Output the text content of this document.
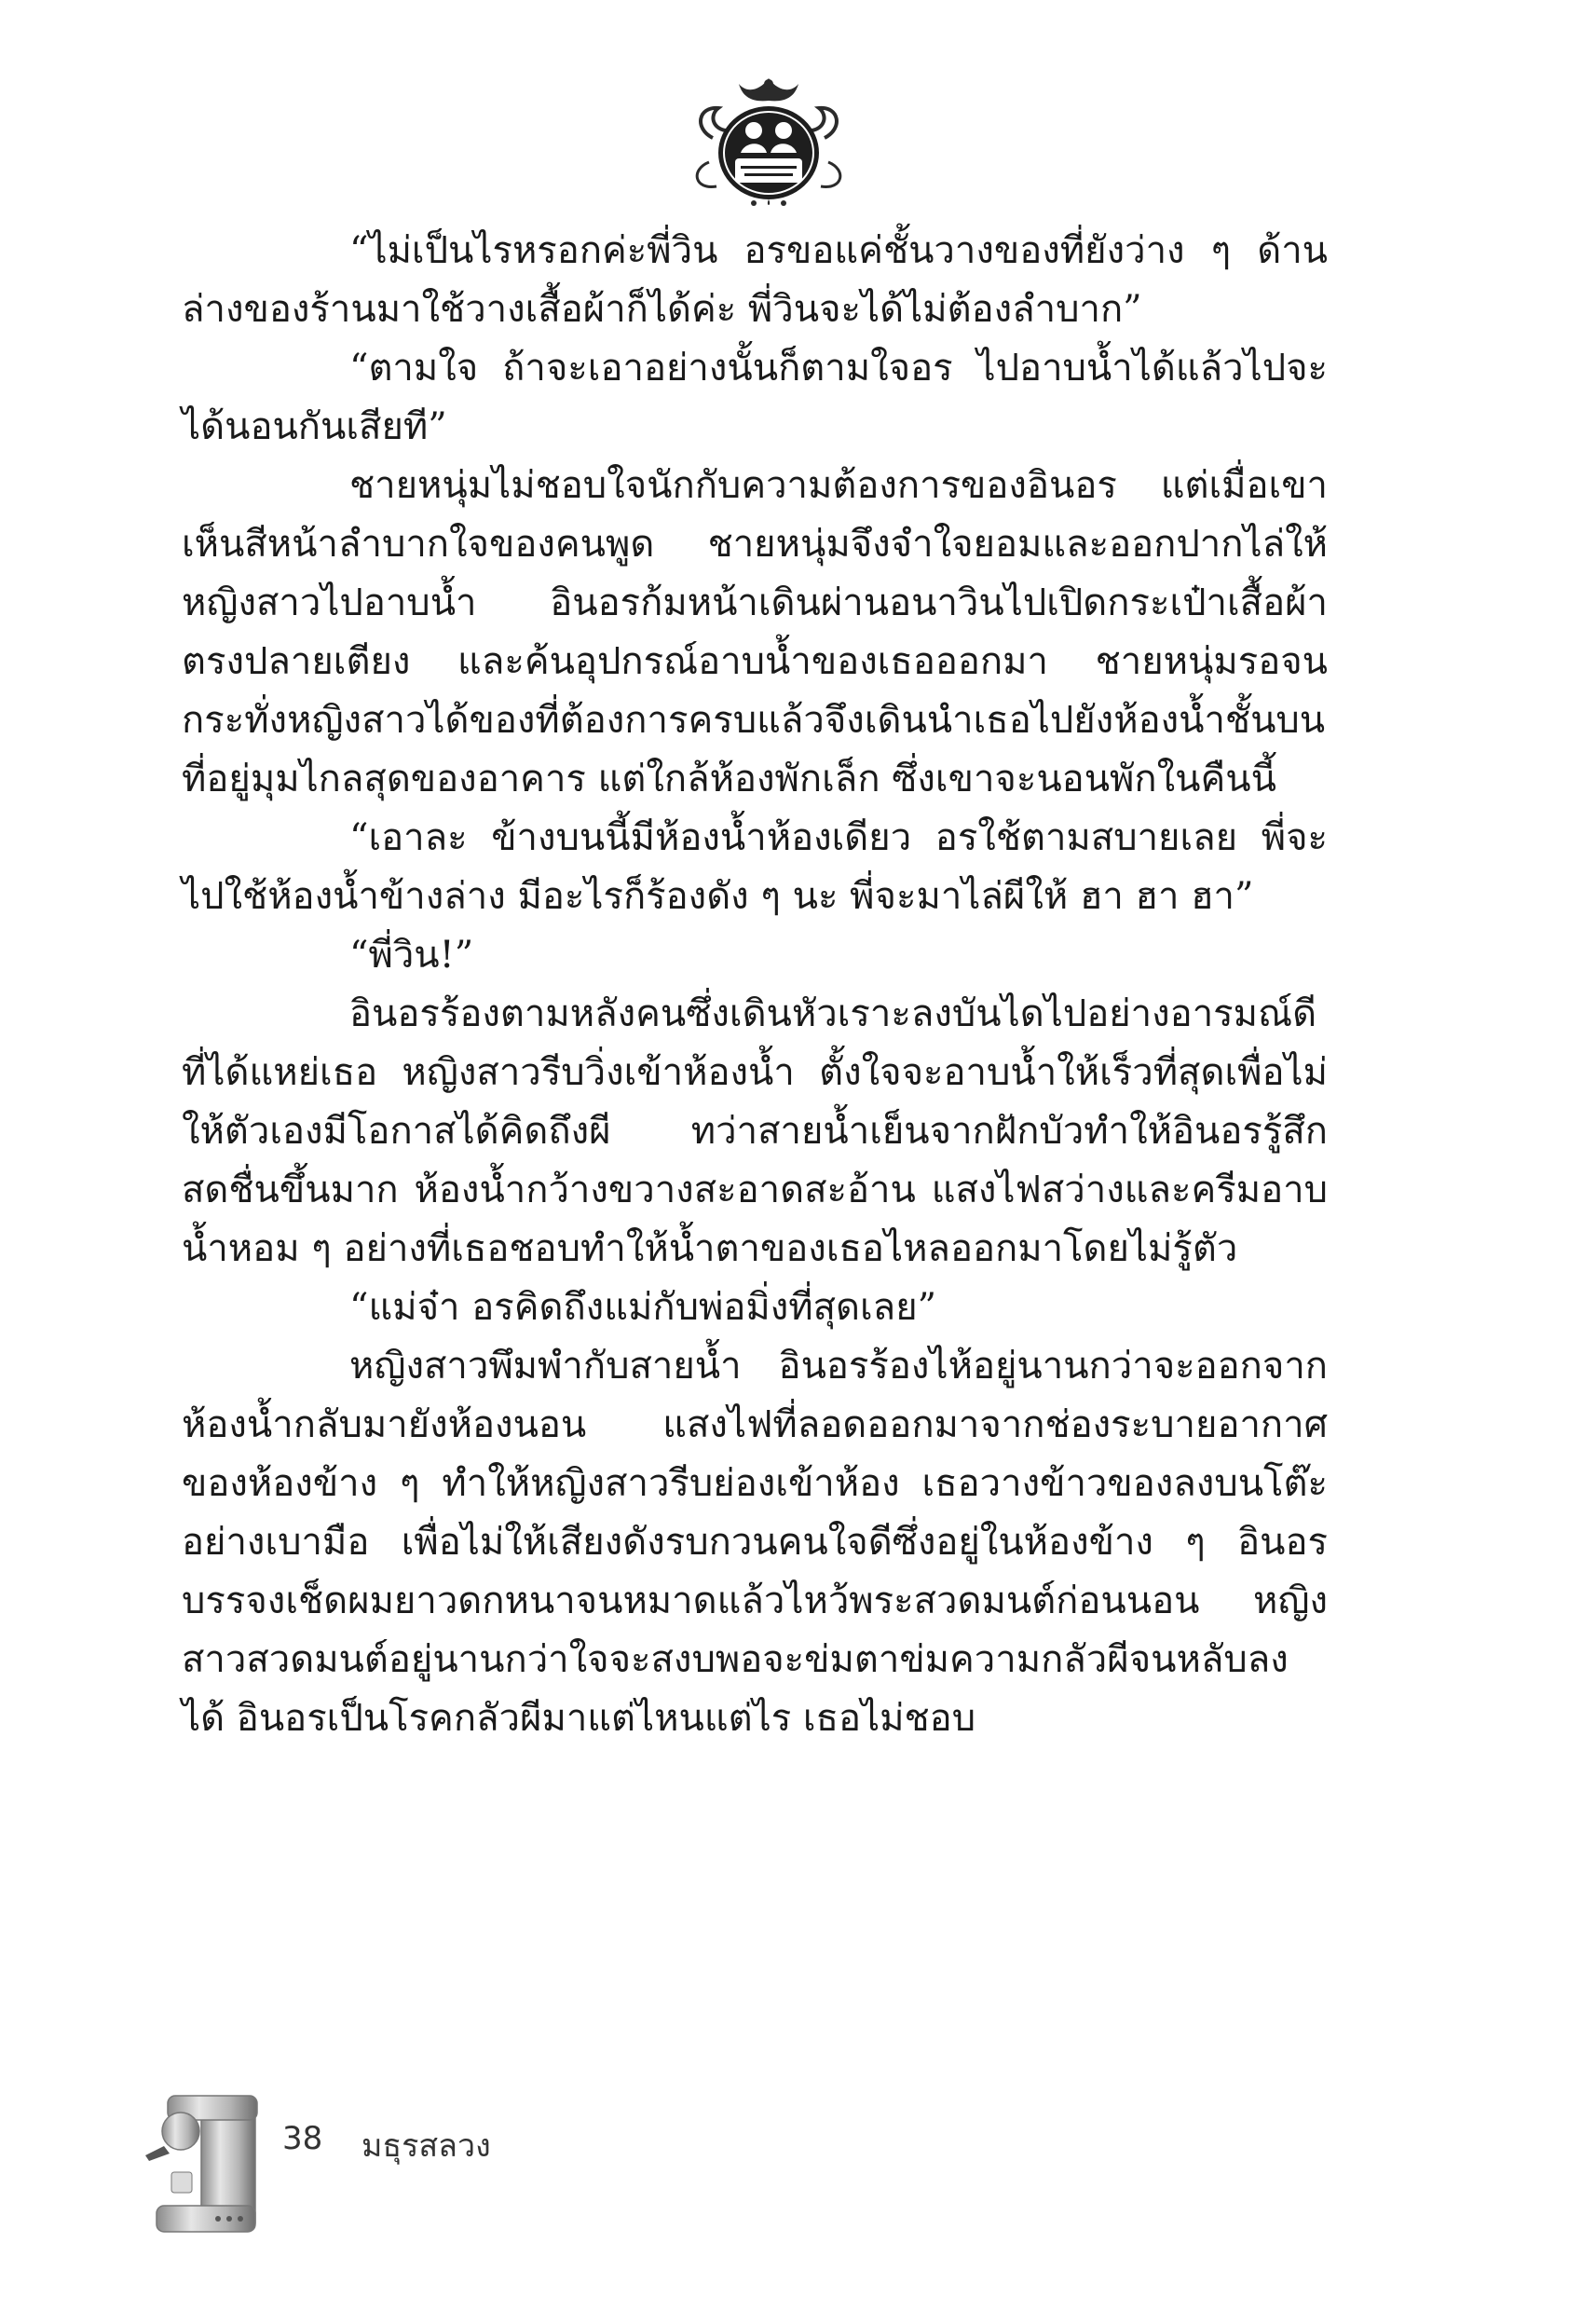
“ไม่เป็นไรหรอกค่ะพี่วิน อรขอแค่ชั้นวางของที่ยังว่าง ๆ ด้านล่างของร้านมาใช้วางเสื้อผ้าก็ได้ค่ะ พี่วินจะได้ไม่ต้องลำบาก”

“ตามใจ ถ้าจะเอาอย่างนั้นก็ตามใจอร ไปอาบน้ำได้แล้วไปจะได้นอนกันเสียที”

ชายหนุ่มไม่ชอบใจนักกับความต้องการของอินอร แต่เมื่อเขาเห็นสีหน้าลำบากใจของคนพูด ชายหนุ่มจึงจำใจยอมและออกปากไล่ให้หญิงสาวไปอาบน้ำ อินอรก้มหน้าเดินผ่านอนาวินไปเปิดกระเป๋าเสื้อผ้าตรงปลายเตียง และค้นอุปกรณ์อาบน้ำของเธอออกมา ชายหนุ่มรอจนกระทั่งหญิงสาวได้ของที่ต้องการครบแล้วจึงเดินนำเธอไปยังห้องน้ำชั้นบน ที่อยู่มุมไกลสุดของอาคาร แต่ใกล้ห้องพักเล็ก ซึ่งเขาจะนอนพักในคืนนี้

“เอาละ ข้างบนนี้มีห้องน้ำห้องเดียว อรใช้ตามสบายเลย พี่จะไปใช้ห้องน้ำข้างล่าง มีอะไรก็ร้องดัง ๆ นะ พี่จะมาไล่ผีให้ ฮา ฮา ฮา”

“พี่วิน!”

อินอรร้องตามหลังคนซึ่งเดินหัวเราะลงบันไดไปอย่างอารมณ์ดีที่ได้แหย่เธอ หญิงสาวรีบวิ่งเข้าห้องน้ำ ตั้งใจจะอาบน้ำให้เร็วที่สุดเพื่อไม่ให้ตัวเองมีโอกาสได้คิดถึงผี ทว่าสายน้ำเย็นจากฝักบัวทำให้อินอรรู้สึกสดชื่นขึ้นมาก ห้องน้ำกว้างขวางสะอาดสะอ้าน แสงไฟสว่างและครีมอาบน้ำหอม ๆ อย่างที่เธอชอบทำให้น้ำตาของเธอไหลออกมาโดยไม่รู้ตัว

“แม่จ๋า อรคิดถึงแม่กับพ่อมิ่งที่สุดเลย”

หญิงสาวพึมพำกับสายน้ำ อินอรร้องไห้อยู่นานกว่าจะออกจากห้องน้ำกลับมายังห้องนอน แสงไฟที่ลอดออกมาจากช่องระบายอากาศของห้องข้าง ๆ ทำให้หญิงสาวรีบย่องเข้าห้อง เธอวางข้าวของลงบนโต๊ะอย่างเบามือ เพื่อไม่ให้เสียงดังรบกวนคนใจดีซึ่งอยู่ในห้องข้าง ๆ อินอรบรรจงเช็ดผมยาวดกหนาจนหมาดแล้วไหว้พระสวดมนต์ก่อนนอน หญิงสาวสวดมนต์อยู่นานกว่าใจจะสงบพอจะข่มตาข่มความกลัวผีจนหลับลงได้ อินอรเป็นโรคกลัวผีมาแต่ไหนแต่ไร เธอไม่ชอบ

38 มธุรสลวง
